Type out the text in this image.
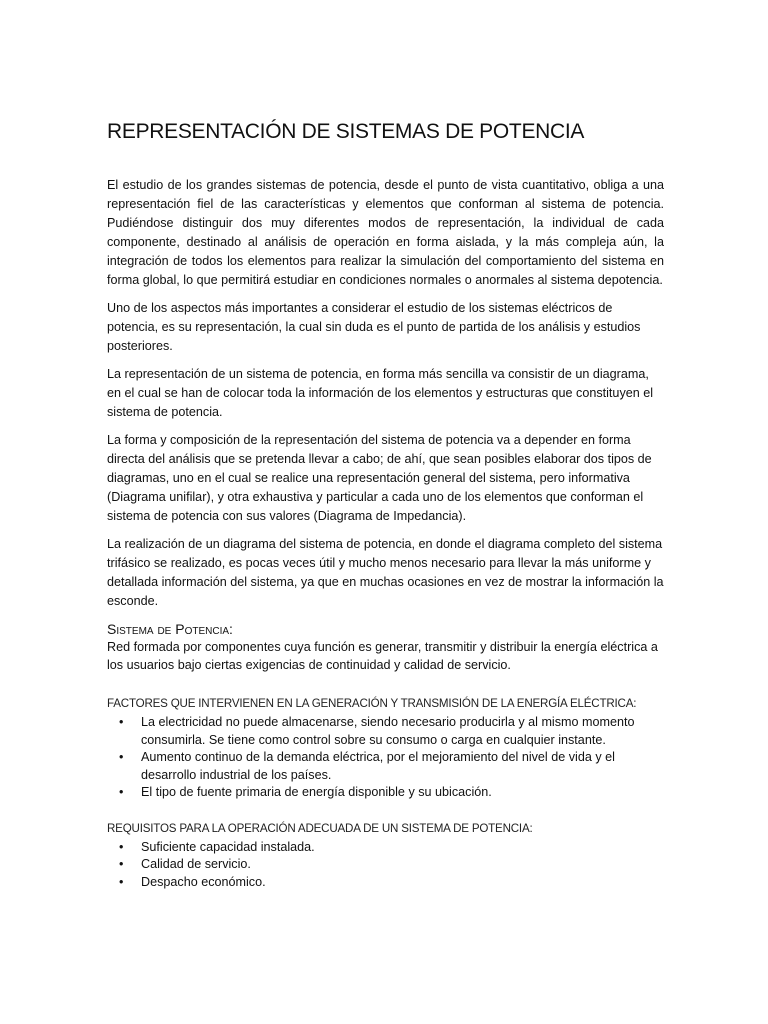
REPRESENTACIÓN DE SISTEMAS DE POTENCIA

El estudio de los grandes sistemas de potencia, desde el punto de vista cuantitativo, obliga a una representación fiel de las características y elementos que conforman al sistema de potencia. Pudiéndose distinguir dos muy diferentes modos de representación, la individual de cada componente, destinado al análisis de operación en forma aislada, y la más compleja aún, la integración de todos los elementos para realizar la simulación del comportamiento del sistema en forma global, lo que permitirá estudiar en condiciones normales o anormales al sistema depotencia.

Uno de los aspectos más importantes a considerar el estudio de los sistemas eléctricos de potencia, es su representación, la cual sin duda es el punto de partida de los análisis y estudios posteriores.

La representación de un sistema de potencia, en forma más sencilla va consistir de un diagrama, en el cual se han de colocar toda la información de los elementos y estructuras que constituyen el sistema de potencia.

La forma y composición de la representación del sistema de potencia va a depender en forma directa del análisis que se pretenda llevar a cabo; de ahí, que sean posibles elaborar dos tipos de diagramas, uno en el cual se realice una representación general del sistema, pero informativa (Diagrama unifilar), y otra exhaustiva y particular a cada uno de los elementos que conforman el sistema de potencia con sus valores (Diagrama de Impedancia).

La realización de un diagrama del sistema de potencia, en donde el diagrama completo del sistema trifásico se realizado, es pocas veces útil y mucho menos necesario para llevar la más uniforme y detallada información del sistema, ya que en muchas ocasiones en vez de mostrar la información la esconde.

Sistema de Potencia:

Red formada por componentes cuya función es generar, transmitir y distribuir la energía eléctrica a los usuarios bajo ciertas exigencias de continuidad y calidad de servicio.

FACTORES QUE INTERVIENEN EN LA GENERACIÓN Y TRANSMISIÓN DE LA ENERGÍA ELÉCTRICA:
• La electricidad no puede almacenarse, siendo necesario producirla y al mismo momento consumirla. Se tiene como control sobre su consumo o carga en cualquier instante.
• Aumento continuo de la demanda eléctrica, por el mejoramiento del nivel de vida y el desarrollo industrial de los países.
• El tipo de fuente primaria de energía disponible y su ubicación.
REQUISITOS PARA LA OPERACIÓN ADECUADA DE UN SISTEMA DE POTENCIA:
• Suficiente capacidad instalada.
• Calidad de servicio.
• Despacho económico.
